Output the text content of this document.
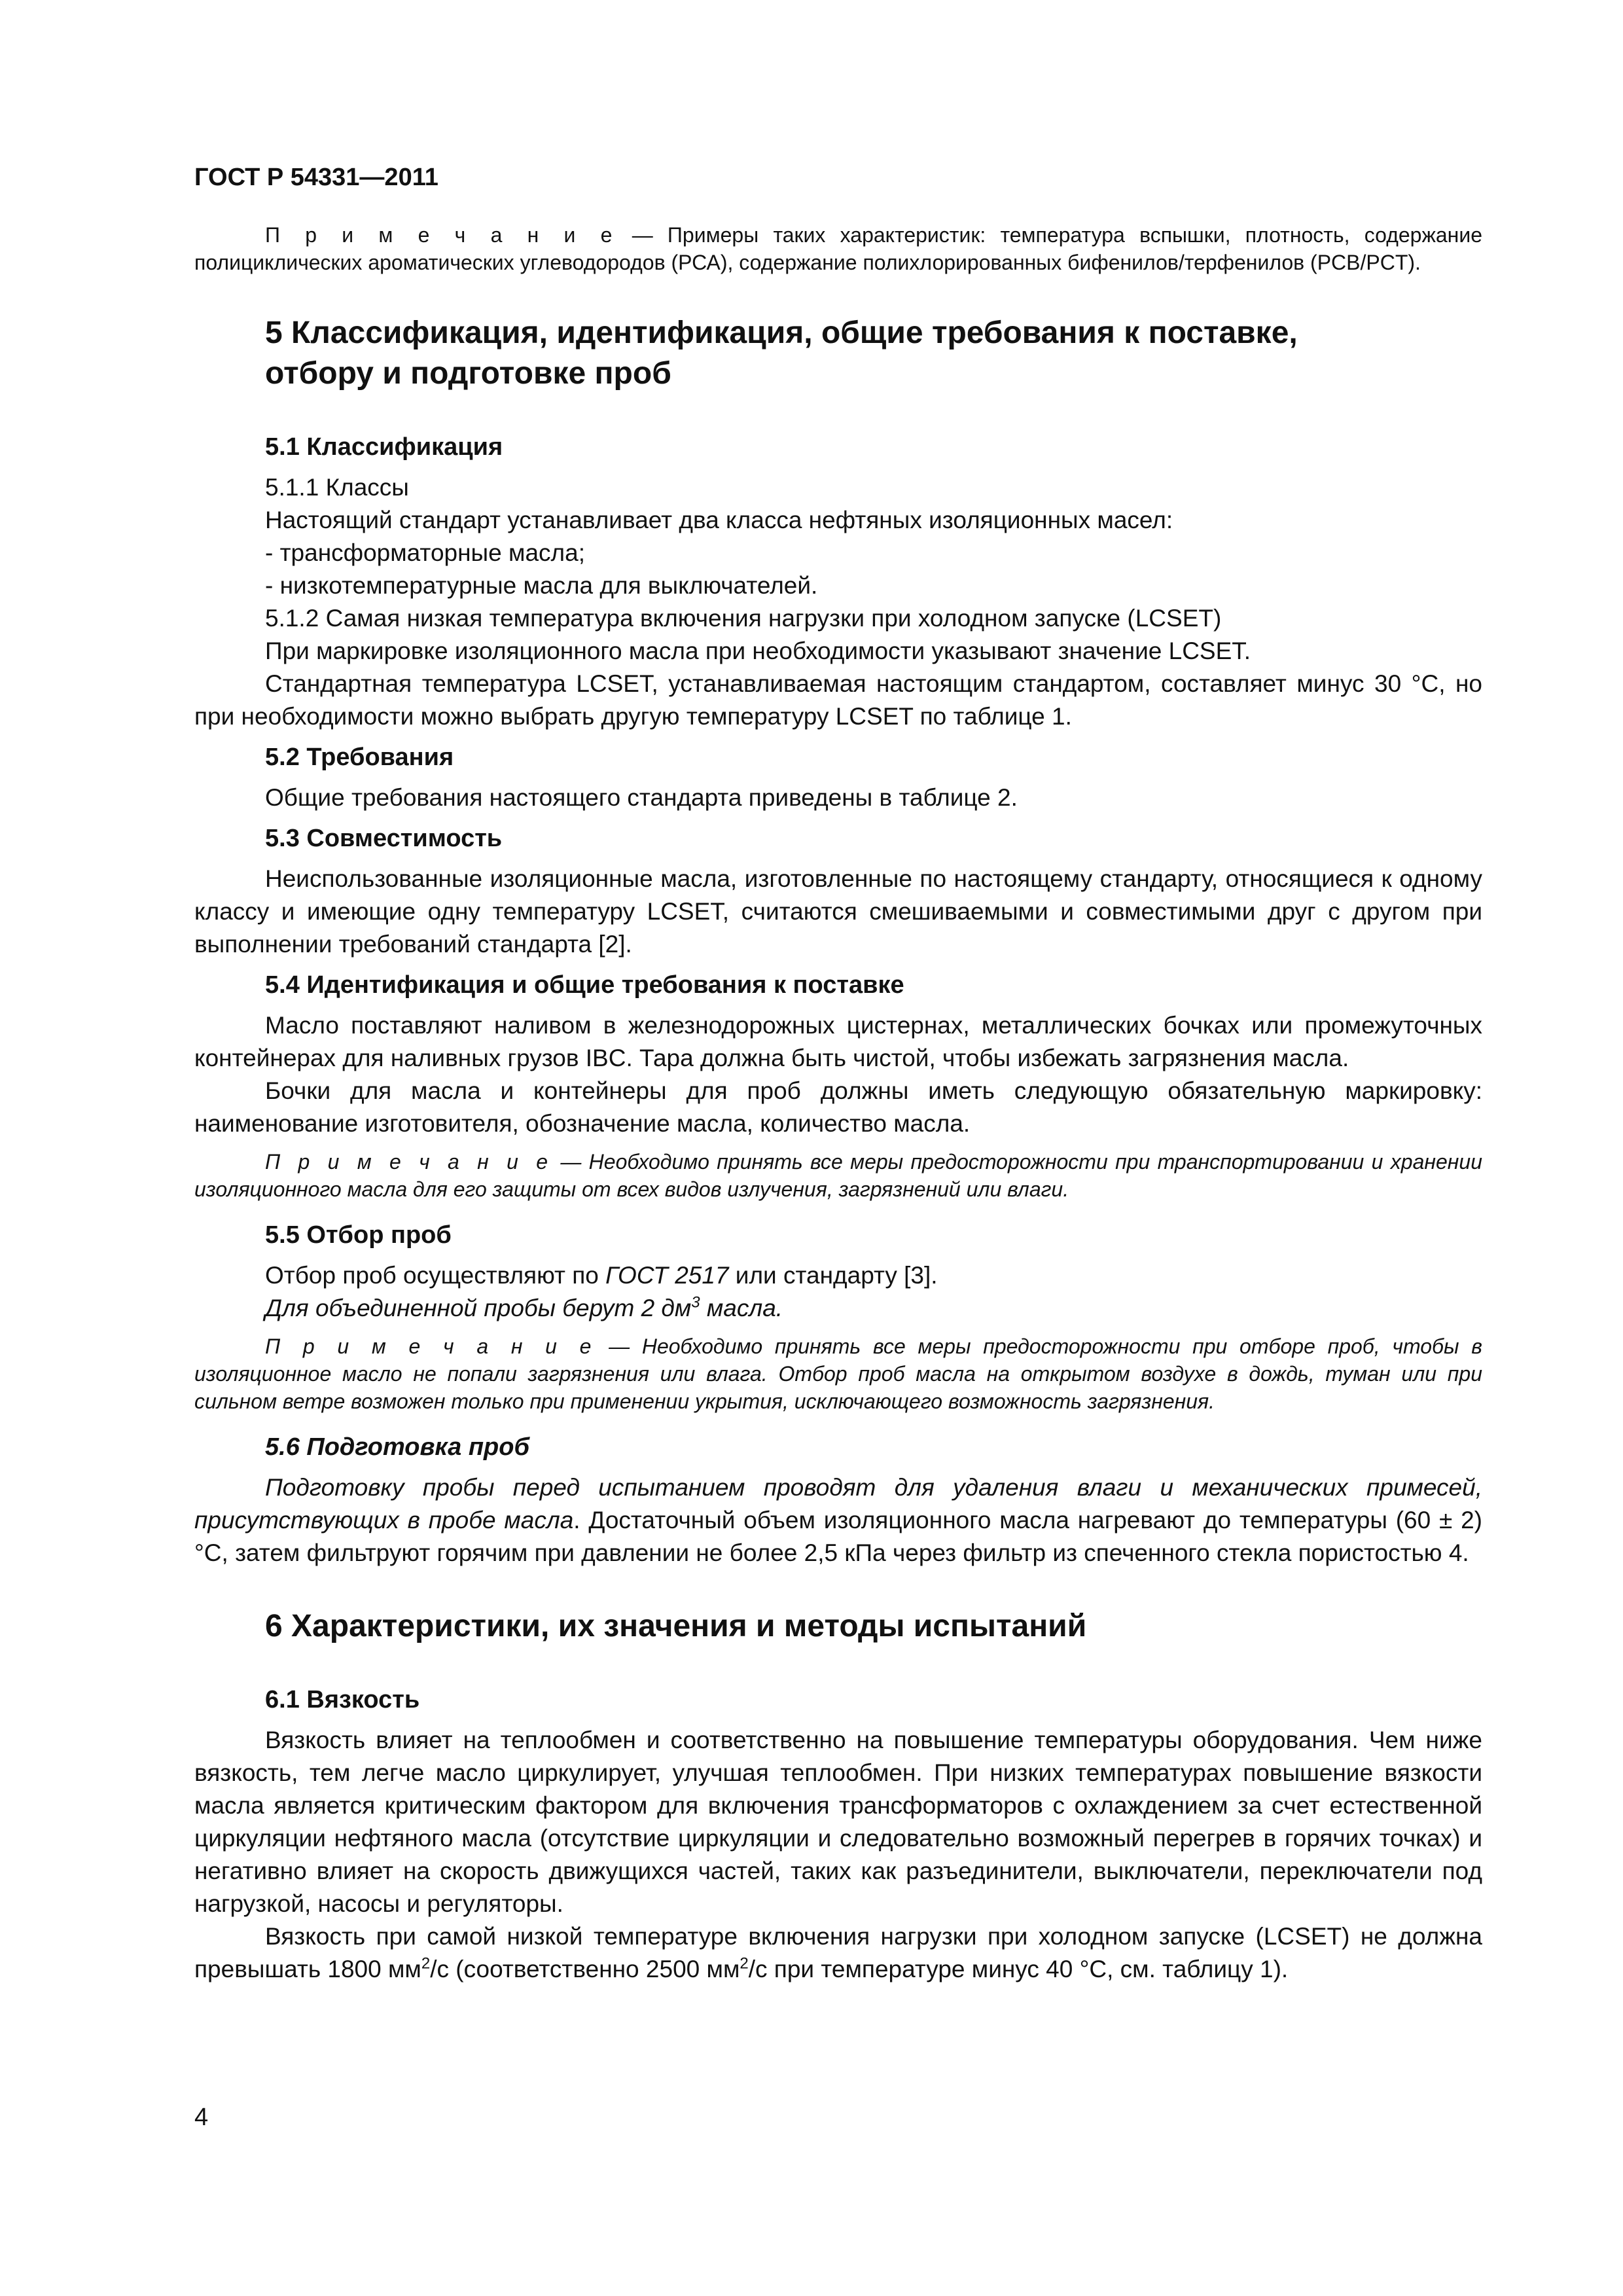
ГОСТ Р 54331—2011

П р и м е ч а н и е — Примеры таких характеристик: температура вспышки, плотность, содержание полициклических ароматических углеводородов (РСА), содержание полихлорированных бифенилов/терфенилов (PCB/PCT).

5 Классификация, идентификация, общие требования к поставке,
отбору и подготовке проб
5.1 Классификация

5.1.1 Классы

Настоящий стандарт устанавливает два класса нефтяных изоляционных масел:

- трансформаторные масла;

- низкотемпературные масла для выключателей.

5.1.2 Самая низкая температура включения нагрузки при холодном запуске (LCSET)

При маркировке изоляционного масла при необходимости указывают значение LCSET.

Стандартная температура LCSET, устанавливаемая настоящим стандартом, составляет минус 30 °С, но при необходимости можно выбрать другую температуру LCSET по таблице 1.

5.2 Требования

Общие требования настоящего стандарта приведены в таблице 2.

5.3 Совместимость

Неиспользованные изоляционные масла, изготовленные по настоящему стандарту, относящиеся к одному классу и имеющие одну температуру LCSET, считаются смешиваемыми и совместимыми друг с другом при выполнении требований стандарта [2].

5.4 Идентификация и общие требования к поставке

Масло поставляют наливом в железнодорожных цистернах, металлических бочках или промежуточных контейнерах для наливных грузов IBC. Тара должна быть чистой, чтобы избежать загрязнения масла.

Бочки для масла и контейнеры для проб должны иметь следующую обязательную маркировку: наименование изготовителя, обозначение масла, количество масла.

П р и м е ч а н и е — Необходимо принять все меры предосторожности при транспортировании и хранении изоляционного масла для его защиты от всех видов излучения, загрязнений или влаги.

5.5 Отбор проб

Отбор проб осуществляют по ГОСТ 2517 или стандарту [3].

Для объединенной пробы берут 2 $дм^3$ масла.

П р и м е ч а н и е — Необходимо принять все меры предосторожности при отборе проб, чтобы в изоляционное масло не попали загрязнения или влага. Отбор проб масла на открытом воздухе в дождь, туман или при сильном ветре возможен только при применении укрытия, исключающего возможность загрязнения.

5.6 Подготовка проб

Подготовку пробы перед испытанием проводят для удаления влаги и механических примесей, присутствующих в пробе масла. Достаточный объем изоляционного масла нагревают до температуры (60 ± 2) °С, затем фильтруют горячим при давлении не более 2,5 кПа через фильтр из спеченного стекла пористостью 4.

6 Характеристики, их значения и методы испытаний
6.1 Вязкость

Вязкость влияет на теплообмен и соответственно на повышение температуры оборудования. Чем ниже вязкость, тем легче масло циркулирует, улучшая теплообмен. При низких температурах повышение вязкости масла является критическим фактором для включения трансформаторов с охлаждением за счет естественной циркуляции нефтяного масла (отсутствие циркуляции и следовательно возможный перегрев в горячих точках) и негативно влияет на скорость движущихся частей, таких как разъединители, выключатели, переключатели под нагрузкой, насосы и регуляторы.

Вязкость при самой низкой температуре включения нагрузки при холодном запуске (LCSET) не должна превышать 1800 $мм^2/с$ (соответственно 2500 $мм^2/с$ при температуре минус 40 °С, см. таблицу 1).

4
